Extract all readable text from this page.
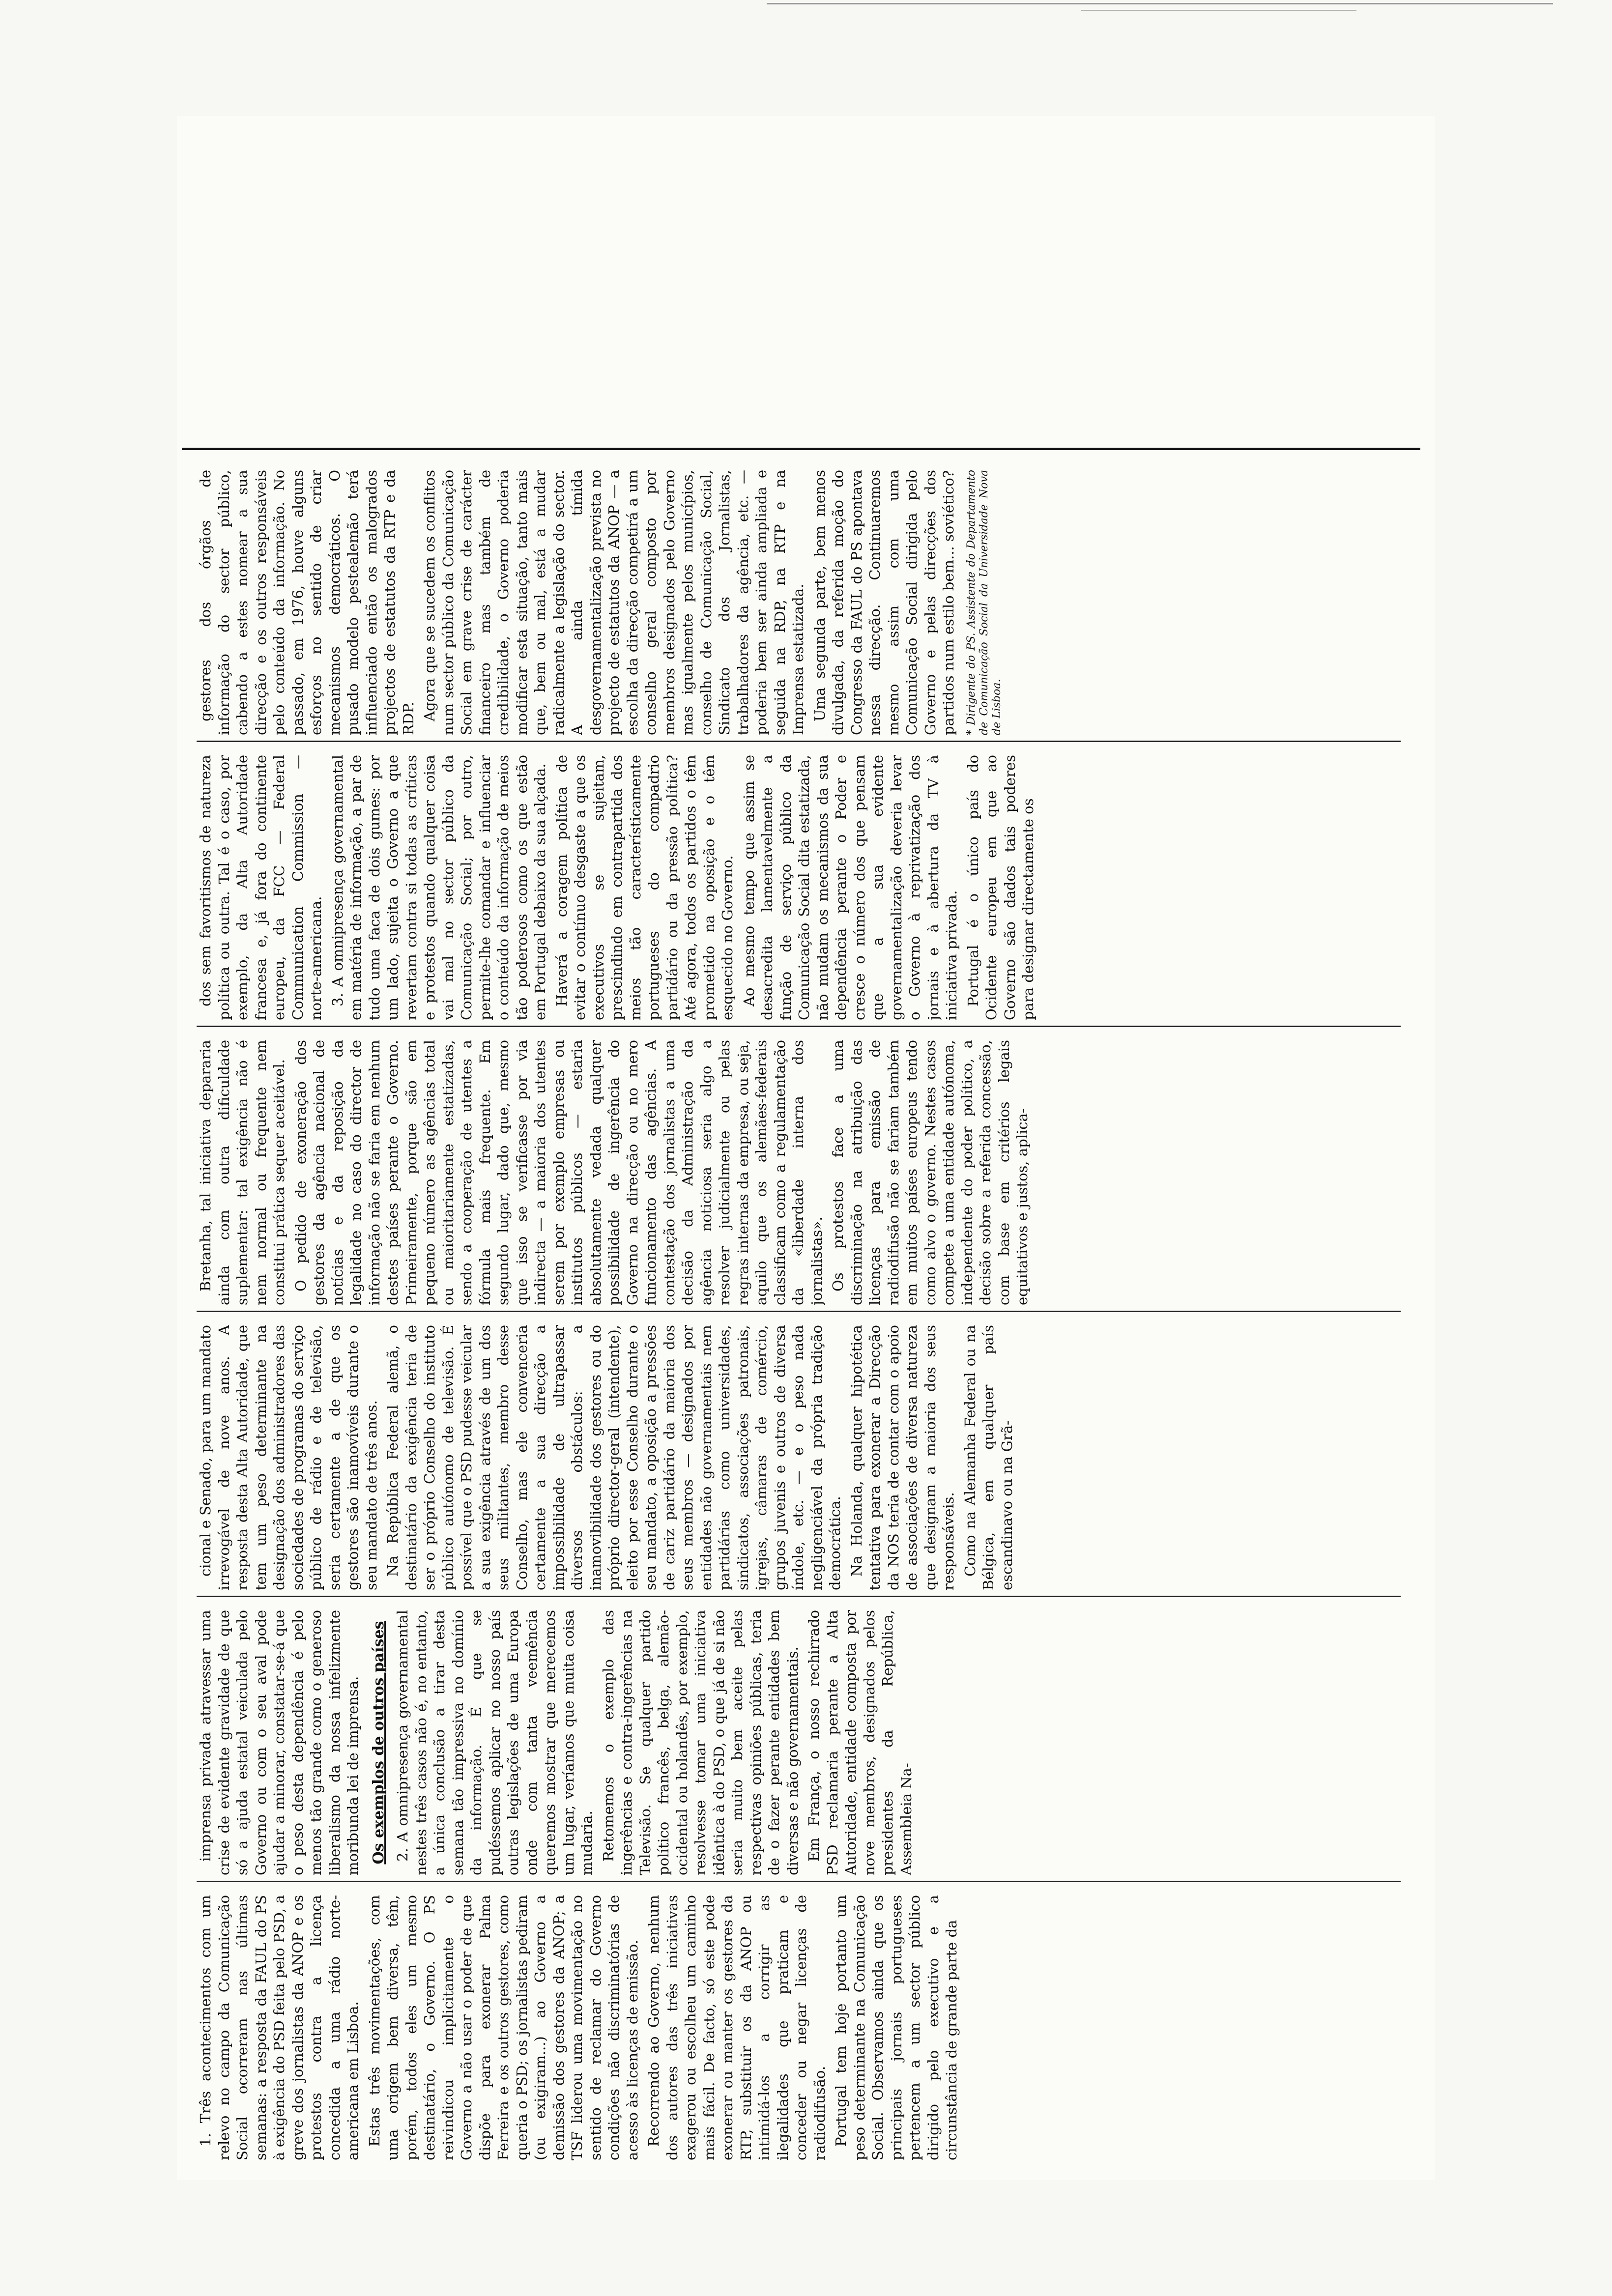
1. Três acontecimentos com um relevo no campo da Comunicação Social ocorreram nas últimas semanas: a resposta da FAUL do PS à exigência do PSD feita pelo PSD, a greve dos jornalistas da ANOP e os protestos contra a licença concedida a uma rádio norte-americana em Lisboa. Estas três movimentações, com uma origem bem diversa, têm, porém, todos eles um mesmo destinatário, o Governo. O PS reivindicou implicitamente o Governo a não usar o poder de que dispõe para exonerar Palma Ferreira e os outros gestores, como queria o PSD; os jornalistas pediram (ou exigiram...) ao Governo a demissão dos gestores da ANOP; a TSF liderou uma movimentação no sentido de reclamar do Governo condições não discriminatórias de acesso às licenças de emissão. Recorrendo ao Governo, nenhum dos autores das três iniciativas exagerou ou escolheu um caminho mais fácil. De facto, só este pode exonerar ou manter os gestores da RTP, substituir os da ANOP ou intimidá-los a corrigir as ilegalidades que praticam e conceder ou negar licenças de radiodifusão. Portugal tem hoje portanto um peso determinante na Comunicação Social. Observamos ainda que os principais jornais portugueses pertencem a um sector público dirigido pelo executivo e a circunstância de grande parte da

imprensa privada atravessar uma crise de evidente gravidade de que só a ajuda estatal veiculada pelo Governo ou com o seu aval pode ajudar a minorar, constatar-se-á que o peso desta dependência é pelo menos tão grande como o generoso liberalismo da nossa infelizmente moribunda lei de imprensa. Os exemplos de outros países 2. A omnipresença governamental nestes três casos não é, no entanto, a única conclusão a tirar desta semana tão impressiva no domínio da informação. É que se pudéssemos aplicar no nosso país outras legislações de uma Europa onde com tanta veemência queremos mostrar que merecemos um lugar, veríamos que muita coisa mudaria. Retomemos o exemplo das ingerências e contra-ingerências na Televisão. Se qualquer partido político francês, belga, alemão-ocidental ou holandês, por exemplo, resolvesse tomar uma iniciativa idêntica à do PSD, o que já de si não seria muito bem aceite pelas respectivas opiniões públicas, teria de o fazer perante entidades bem diversas e não governamentais. Em França, o nosso rechirrado PSD reclamaria perante a Alta Autoridade, entidade composta por nove membros, designados pelos presidentes da República, Assembleia Na-

cional e Senado, para um mandato irrevogável de nove anos. A resposta desta Alta Autoridade, que tem um peso determinante na designação dos administradores das sociedades de programas do serviço público de rádio e de televisão, seria certamente a de que os gestores são inamovíveis durante o seu mandato de três anos. Na República Federal alemã, o destinatário da exigência teria de ser o próprio Conselho do instituto público autónomo de televisão. É possível que o PSD pudesse veicular a sua exigência através de um dos seus militantes, membro desse Conselho, mas ele convenceria certamente a sua direcção a impossibilidade de ultrapassar diversos obstáculos: a inamovibilidade dos gestores ou do próprio director-geral (intendente), eleito por esse Conselho durante o seu mandato, a oposição a pressões de cariz partidário da maioria dos seus membros — designados por entidades não governamentais nem partidárias como universidades, sindicatos, associações patronais, igrejas, câmaras de comércio, grupos juvenis e outros de diversa índole, etc. — e o peso nada negligenciável da própria tradição democrática. Na Holanda, qualquer hipotética tentativa para exonerar a Direcção da NOS teria de contar com o apoio de associações de diversa natureza que designam a maioria dos seus responsáveis. Como na Alemanha Federal ou na Bélgica, em qualquer país escandinavo ou na Grã-

Bretanha, tal iniciativa depararia ainda com outra dificuldade suplementar: tal exigência não é nem normal ou frequente nem constitui prática sequer aceitável. O pedido de exoneração dos gestores da agência nacional de notícias e da reposição da legalidade no caso do director de informação não se faria em nenhum destes países perante o Governo. Primeiramente, porque são em pequeno número as agências total ou maioritariamente estatizadas, sendo a cooperação de utentes a fórmula mais frequente. Em segundo lugar, dado que, mesmo que isso se verificasse por via indirecta — a maioria dos utentes serem por exemplo empresas ou institutos públicos — estaria absolutamente vedada qualquer possibilidade de ingerência do Governo na direcção ou no mero funcionamento das agências. A contestação dos jornalistas a uma decisão da Administração da agência noticiosa seria algo a resolver judicialmente ou pelas regras internas da empresa, ou seja, aquilo que os alemães-federais classificam como a regulamentação da «liberdade interna dos jornalistas». Os protestos face a uma discriminação na atribuição das licenças para emissão de radiodifusão não se fariam também em muitos países europeus tendo como alvo o governo. Nestes casos compete a uma entidade autónoma, independente do poder político, a decisão sobre a referida concessão, com base em critérios legais equitativos e justos, aplica-

dos sem favoritismos de natureza política ou outra. Tal é o caso, por exemplo, da Alta Autoridade francesa e, já fora do continente europeu, da FCC — Federal Communication Commission — norte-americana. 3. A omnipresença governamental em matéria de informação, a par de tudo uma faca de dois gumes: por um lado, sujeita o Governo a que revertam contra si todas as críticas e protestos quando qualquer coisa vai mal no sector público da Comunicação Social; por outro, permite-lhe comandar e influenciar o conteúdo da informação de meios tão poderosos como os que estão em Portugal debaixo da sua alçada. Haverá a coragem política de evitar o contínuo desgaste a que os executivos se sujeitam, prescindindo em contrapartida dos meios tão característicamente portugueses do compadrio partidário ou da pressão política? Até agora, todos os partidos o têm prometido na oposição e o têm esquecido no Governo. Ao mesmo tempo que assim se desacredita lamentavelmente a função de serviço público da Comunicação Social dita estatizada, não mudam os mecanismos da sua dependência perante o Poder e cresce o número dos que pensam que a sua evidente governamentalização deveria levar o Governo à reprivatização dos jornais e à abertura da TV à iniciativa privada. Portugal é o único país do Ocidente europeu em que ao Governo são dados tais poderes para designar directamente os

gestores dos órgãos de informação do sector público, cabendo a estes nomear a sua direcção e os outros responsáveis pelo conteúdo da informação. No passado, em 1976, houve alguns esforços no sentido de criar mecanismos democráticos. O pusado modelo pestealemão terá influenciado então os malogrados projectos de estatutos da RTP e da RDP. Agora que se sucedem os conflitos num sector público da Comunicação Social em grave crise de carácter financeiro mas também de credibilidade, o Governo poderia modificar esta situação, tanto mais que, bem ou mal, está a mudar radicalmente a legislação do sector. A ainda tímida desgovernamentalização prevista no projecto de estatutos da ANOP — a escolha da direcção competirá a um conselho geral composto por membros designados pelo Governo mas igualmente pelos municípios, conselho de Comunicação Social, Sindicato dos Jornalistas, trabalhadores da agência, etc. — poderia bem ser ainda ampliada e seguida na RDP, na RTP e na Imprensa estatizada. Uma segunda parte, bem menos divulgada, da referida moção do Congresso da FAUL do PS apontava nessa direcção. Continuaremos mesmo assim com uma Comunicação Social dirigida pelo Governo e pelas direcções dos partidos num estilo bem... soviético? * Dirigente do PS. Assistente do Departamento de Comunicação Social da Universidade Nova de Lisboa.
